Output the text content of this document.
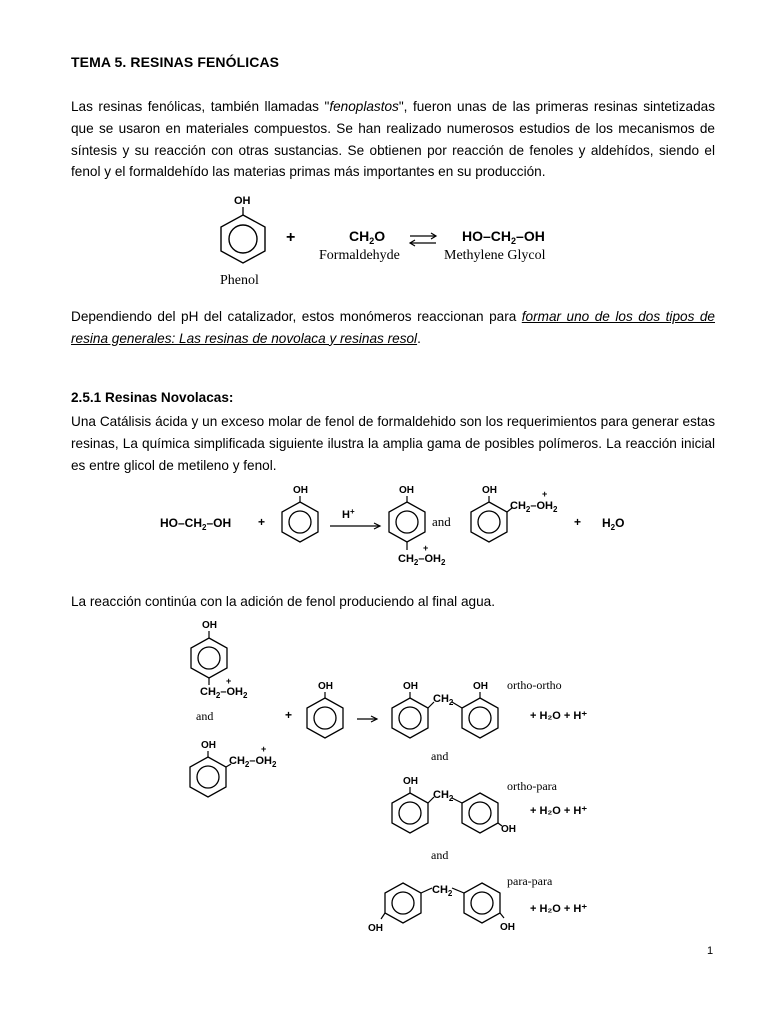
TEMA 5. RESINAS FENÓLICAS
Las resinas fenólicas, también llamadas "fenoplastos", fueron unas de las primeras resinas sintetizadas que se usaron en materiales compuestos. Se han realizado numerosos estudios de los mecanismos de síntesis y su reacción con otras sustancias. Se obtienen por reacción de fenoles y aldehídos, siendo el fenol y el formaldehído las materias primas más importantes en su producción.
OH
Phenol
+	$CH_2O$
Formaldehyde
$HO-CH_2-OH$
Methylene Glycol
Dependiendo del pH del catalizador, estos monómeros reaccionan para formar uno de los dos tipos de resina generales: Las resinas de novolaca y resinas resol.
2.5.1 Resinas Novolacas:
Una Catálisis ácida y un exceso molar de fenol de formaldehido son los requerimientos para generar estas resinas, La química simplificada siguiente ilustra la amplia gama de posibles polímeros. La reacción inicial es entre glicol de metileno y fenol.
$HO-CH_2-OH$ +
OH
H+
OH
+
$CH_2-OH_2$
and
OH	+
$CH_2-OH_2$
+ $H_2O$
La reacción continúa con la adición de fenol produciendo al final agua.
OH
+
$CH_2-OH_2$
and
OH	+
$CH_2-OH_2$
+
OH	OH
$CH_2$
OH ortho-ortho
+ H₂O + H⁺
and
OH
$CH_2$
OH
ortho-para
+ H₂O + H⁺
and
OH
$CH_2$
OH
para-para
+ H₂O + H⁺
1
